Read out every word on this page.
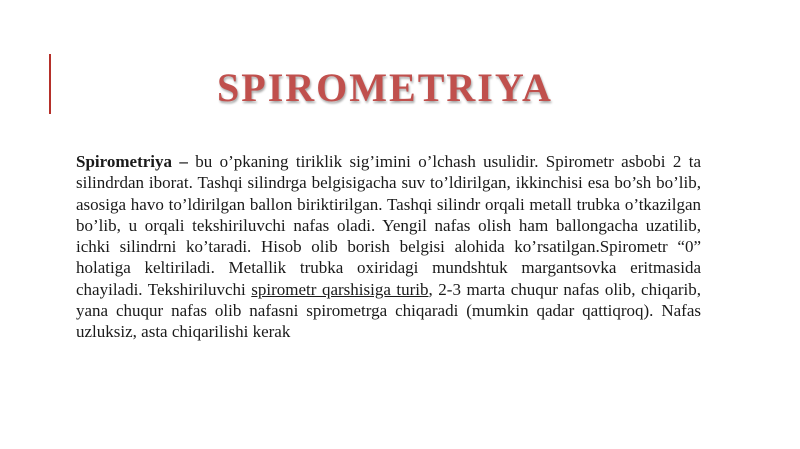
SPIROMETRIYA
Spirometriya – bu o’pkaning tiriklik sig’imini o’lchash usulidir. Spirometr asbobi 2 ta silindrdan iborat. Tashqi silindrga belgisigacha suv to’ldirilgan, ikkinchisi esa bo’sh bo’lib, asosiga havo to’ldirilgan ballon biriktirilgan. Tashqi silindr orqali metall trubka o’tkazilgan bo’lib, u orqali tekshiriluvchi nafas oladi. Yengil nafas olish ham ballongacha uzatilib, ichki silindrni ko’taradi. Hisob olib borish belgisi alohida ko’rsatilgan.Spirometr “0” holatiga keltiriladi. Metallik trubka oxiridagi mundshtuk margantsovka eritmasida chayiladi. Tekshiriluvchi spirometr qarshisiga turib, 2-3 marta chuqur nafas olib, chiqarib, yana chuqur nafas olib nafasni spirometrga chiqaradi (mumkin qadar qattiqroq). Nafas uzluksiz, asta chiqarilishi kerak
